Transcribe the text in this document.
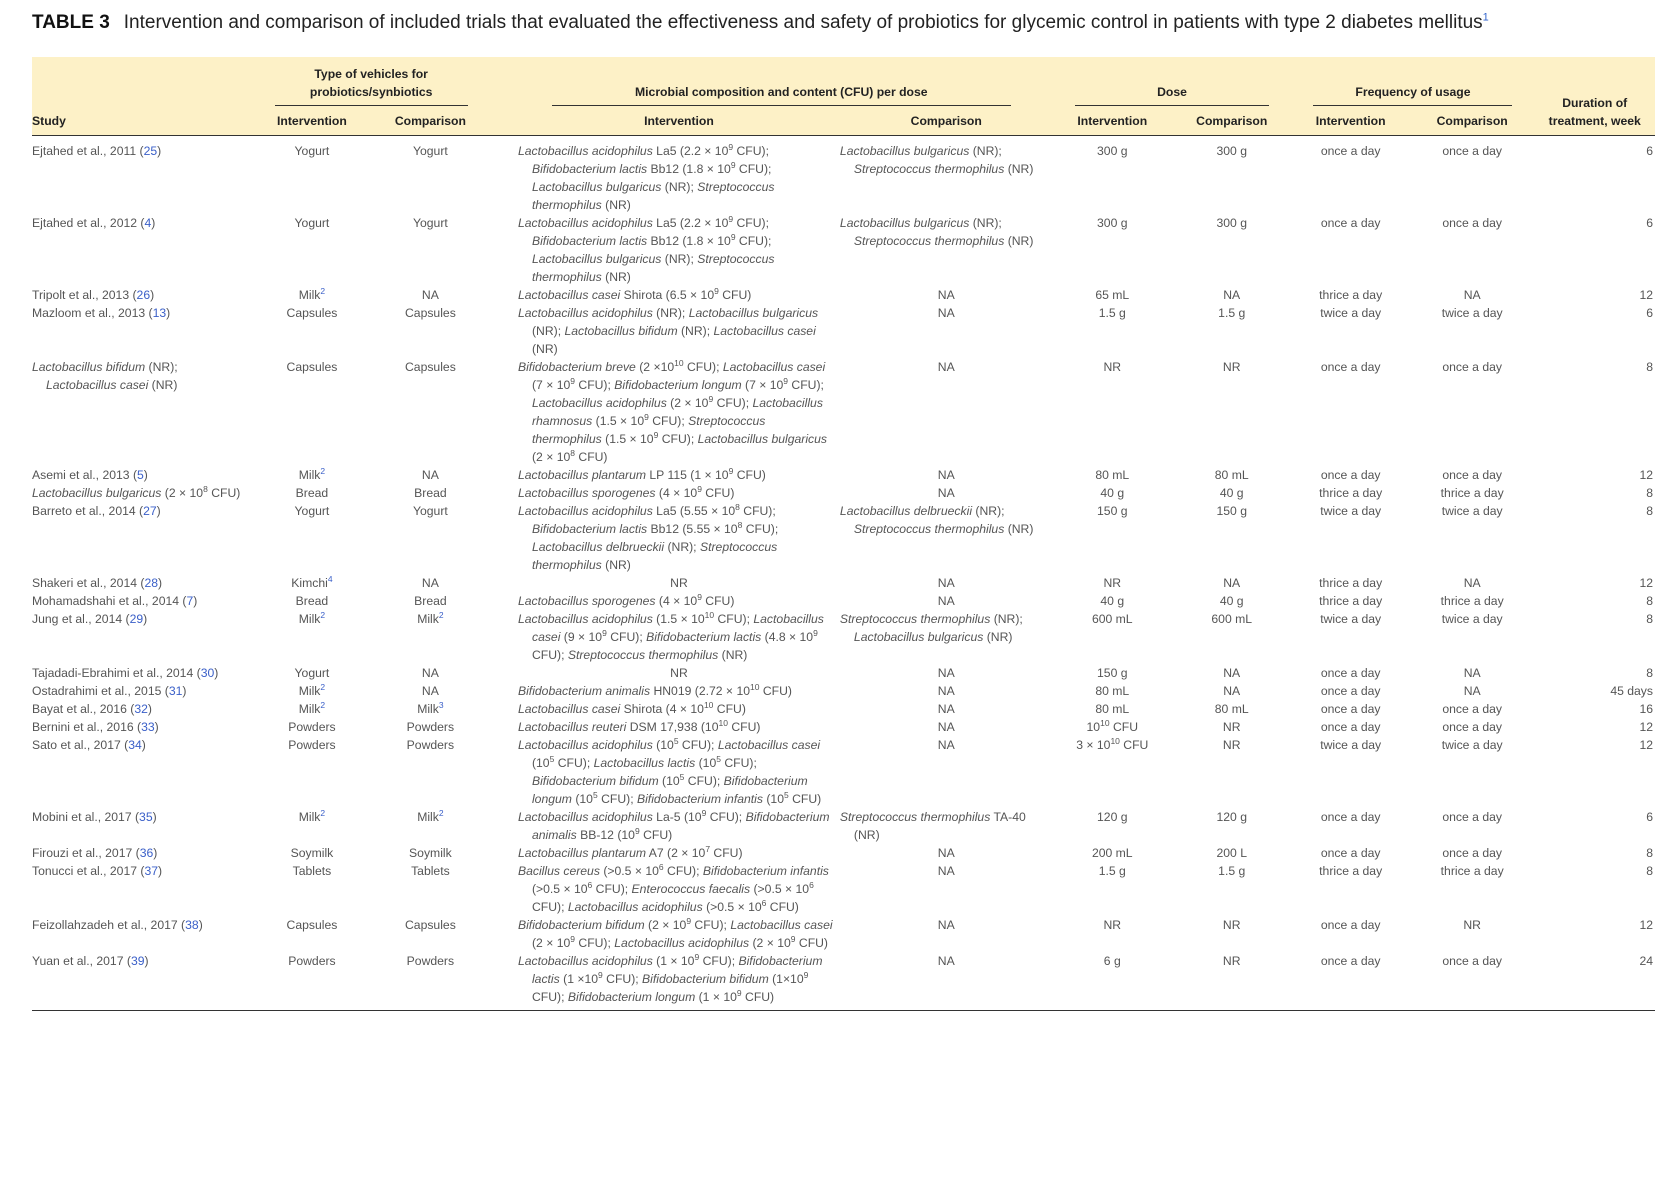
TABLE 3 Intervention and comparison of included trials that evaluated the effectiveness and safety of probiotics for glycemic control in patients with type 2 diabetes mellitus$^1$
Study	Type of vehicles for probiotics/synbiotics			Microbial composition and content (CFU) per dose		Dose		Frequency of usage		Duration of treatment, week
	Intervention	Comparison		Intervention	Comparison	Intervention	Comparison	Intervention	Comparison	
Ejtahed et al., 2011 (25)	Yogurt	Yogurt		Lactobacillus acidophilus La5 ($2.2 \times 10^9$ CFU); Bifidobacterium lactis Bb12 ($1.8 \times 10^9$ CFU); Lactobacillus bulgaricus (NR); Streptococcus thermophilus (NR)	Lactobacillus bulgaricus (NR); Streptococcus thermophilus (NR)	300 g	300 g	once a day	once a day	6
Ejtahed et al., 2012 (4)	Yogurt	Yogurt		Lactobacillus acidophilus La5 ($2.2 \times 10^9$ CFU); Bifidobacterium lactis Bb12 ($1.8 \times 10^9$ CFU); Lactobacillus bulgaricus (NR); Streptococcus thermophilus (NR)	Lactobacillus bulgaricus (NR); Streptococcus thermophilus (NR)	300 g	300 g	once a day	once a day	6
Tripolt et al., 2013 (26)	Milk$^2$	NA		Lactobacillus casei Shirota ($6.5 \times 10^9$ CFU)	NA	65 mL	NA	thrice a day	NA	12
Mazloom et al., 2013 (13)	Capsules	Capsules		Lactobacillus acidophilus (NR); Lactobacillus bulgaricus (NR); Lactobacillus bifidum (NR); Lactobacillus casei (NR)	NA	1.5 g	1.5 g	twice a day	twice a day	6
Lactobacillus bifidum (NR); Lactobacillus casei (NR)	Capsules	Capsules		Bifidobacterium breve ($2 \times 10^{10}$ CFU); Lactobacillus casei ($7 \times 10^9$ CFU); Bifidobacterium longum ($7 \times 10^9$ CFU); Lactobacillus acidophilus ($2 \times 10^9$ CFU); Lactobacillus rhamnosus ($1.5 \times 10^9$ CFU); Streptococcus thermophilus ($1.5 \times 10^9$ CFU); Lactobacillus bulgaricus ($2 \times 10^8$ CFU)	NA	NR	NR	once a day	once a day	8
Asemi et al., 2013 (5)	Milk$^2$	NA		Lactobacillus plantarum LP 115 ($1 \times 10^9$ CFU)	NA	80 mL	80 mL	once a day	once a day	12
Lactobacillus bulgaricus ($2 \times 10^8$ CFU)	Bread	Bread		Lactobacillus sporogenes ($4 \times 10^9$ CFU)	NA	40 g	40 g	thrice a day	thrice a day	8
Barreto et al., 2014 (27)	Yogurt	Yogurt		Lactobacillus acidophilus La5 ($5.55 \times 10^8$ CFU); Bifidobacterium lactis Bb12 ($5.55 \times 10^8$ CFU); Lactobacillus delbrueckii (NR); Streptococcus thermophilus (NR)	Lactobacillus delbrueckii (NR); Streptococcus thermophilus (NR)	150 g	150 g	twice a day	twice a day	8
Shakeri et al., 2014 (28)	Kimchi$^4$	NA		NR	NA	NR	NA	thrice a day	NA	12
Mohamadshahi et al., 2014 (7)	Bread	Bread		Lactobacillus sporogenes ($4 \times 10^9$ CFU)	NA	40 g	40 g	thrice a day	thrice a day	8
Jung et al., 2014 (29)	Milk$^2$	Milk$^2$		Lactobacillus acidophilus ($1.5 \times 10^{10}$ CFU); Lactobacillus casei ($9 \times 10^9$ CFU); Bifidobacterium lactis ($4.8 \times 10^9$ CFU); Streptococcus thermophilus (NR)	Streptococcus thermophilus (NR); Lactobacillus bulgaricus (NR)	600 mL	600 mL	twice a day	twice a day	8
Tajadadi-Ebrahimi et al., 2014 (30)	Yogurt	NA		NR	NA	150 g	NA	once a day	NA	8
Ostadrahimi et al., 2015 (31)	Milk$^2$	NA		Bifidobacterium animalis HN019 ($2.72 \times 10^{10}$ CFU)	NA	80 mL	NA	once a day	NA	45 days
Bayat et al., 2016 (32)	Milk$^2$	Milk$^3$		Lactobacillus casei Shirota ($4 \times 10^{10}$ CFU)	NA	80 mL	80 mL	once a day	once a day	16
Bernini et al., 2016 (33)	Powders	Powders		Lactobacillus reuteri DSM 17,938 ($10^{10}$ CFU)	NA	$10^{10}$ CFU	NR	once a day	once a day	12
Sato et al., 2017 (34)	Powders	Powders		Lactobacillus acidophilus ($10^5$ CFU); Lactobacillus casei ($10^5$ CFU); Lactobacillus lactis ($10^5$ CFU); Bifidobacterium bifidum ($10^5$ CFU); Bifidobacterium longum ($10^5$ CFU); Bifidobacterium infantis ($10^5$ CFU)	NA	$3 \times 10^{10}$ CFU	NR	twice a day	twice a day	12
Mobini et al., 2017 (35)	Milk$^2$	Milk$^2$		Lactobacillus acidophilus La-5 ($10^9$ CFU); Bifidobacterium animalis BB-12 ($10^9$ CFU)	Streptococcus thermophilus TA-40 (NR)	120 g	120 g	once a day	once a day	6
Firouzi et al., 2017 (36)	Soymilk	Soymilk		Lactobacillus plantarum A7 ($2 \times 10^7$ CFU)	NA	200 mL	200 L	once a day	once a day	8
Tonucci et al., 2017 (37)	Tablets	Tablets		Bacillus cereus ($>0.5 \times 10^6$ CFU); Bifidobacterium infantis ($>0.5 \times 10^6$ CFU); Enterococcus faecalis ($>0.5 \times 10^6$ CFU); Lactobacillus acidophilus ($>0.5 \times 10^6$ CFU)	NA	1.5 g	1.5 g	thrice a day	thrice a day	8
Feizollahzadeh et al., 2017 (38)	Capsules	Capsules		Bifidobacterium bifidum ($2 \times 10^9$ CFU); Lactobacillus casei ($2 \times 10^9$ CFU); Lactobacillus acidophilus ($2 \times 10^9$ CFU)	NA	NR	NR	once a day	NR	12
Yuan et al., 2017 (39)	Powders	Powders		Lactobacillus acidophilus ($1 \times 10^9$ CFU); Bifidobacterium lactis ($1 \times 10^9$ CFU); Bifidobacterium bifidum ($1\times 10^9$ CFU); Bifidobacterium longum ($1 \times 10^9$ CFU)	NA	6 g	NR	once a day	once a day	24
